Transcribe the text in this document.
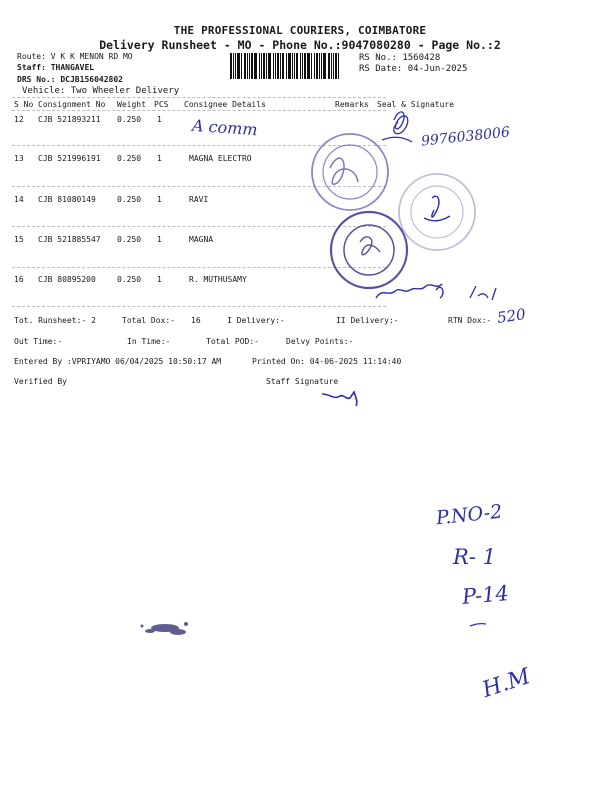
THE PROFESSIONAL COURIERS, COIMBATORE
Delivery Runsheet - MO - Phone No.:9047080280 - Page No.:2
Route: V K K MENON RD MO
Staff: THANGAVEL
DRS No.: DCJB156042802
Vehicle: Two Wheeler Delivery
RS No.: 1560428
RS Date: 04-Jun-2025
S No Consignment No Weight PCS Consignee Details	Remarks Seal & Signature
12 CJB 521893211 0.250 1
13 CJB 521996191 0.250 1	MAGNA ELECTRO
14 CJB 81080149	0.250 1	RAVI
15 CJB 521885547 0.250 1	MAGNA
16 CJB 80895200	0.250 1	R. MUTHUSAMY
Tot. Runsheet:- 2	Total Dox:- 16	I Delivery:-	II Delivery:-	RTN Dox:-
Out Time:-	In Time:-	Total POD:-	Delvy Points:-
Entered By :VPRIYAMO 06/04/2025 10:50:17 AM	Printed On: 04-06-2025 11:14:40
Verified By	Staff Signature
A comm	9976038006
520
P.NO-2
R- 1
P-14
H.M
